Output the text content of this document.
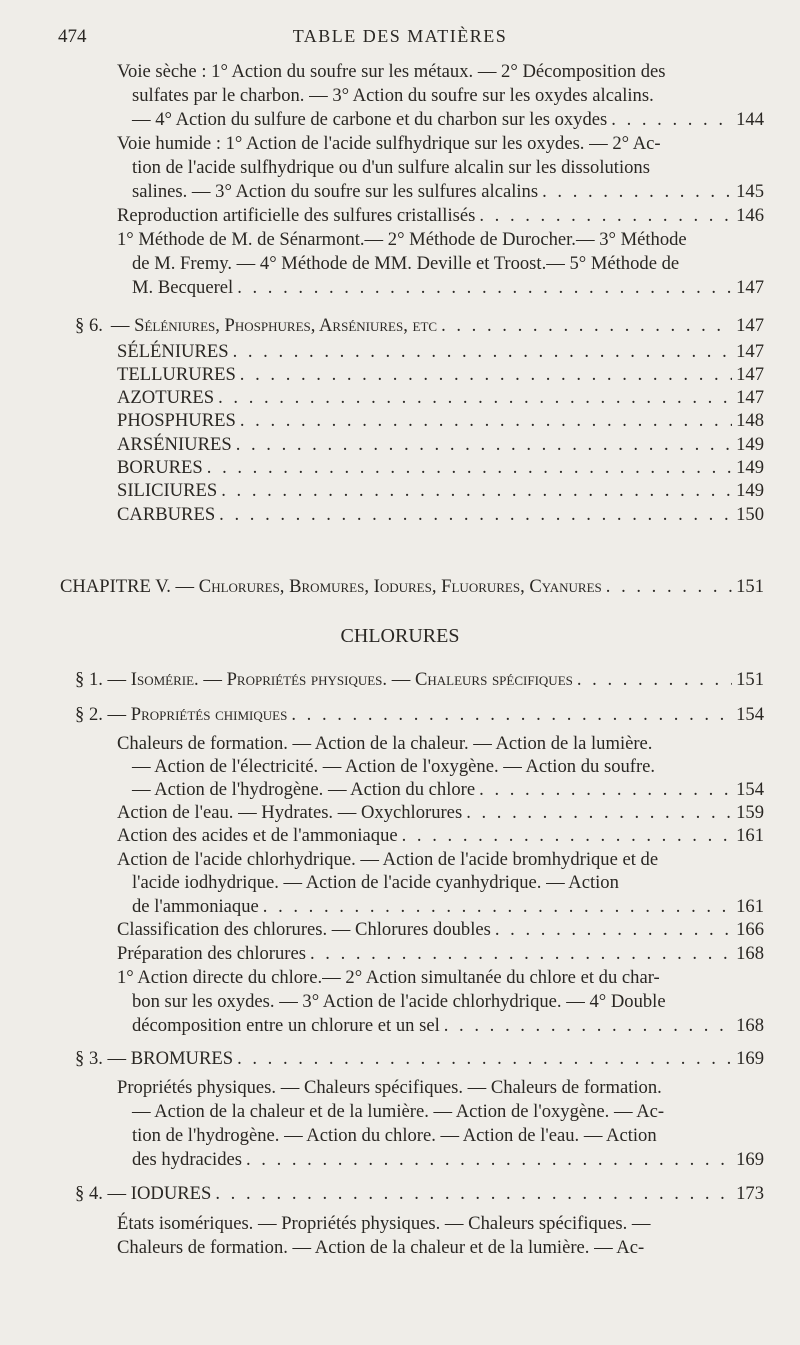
474	TABLE DES MATIÈRES
Voie sèche : 1° Action du soufre sur les métaux. — 2° Décomposition des
sulfates par le charbon. — 3° Action du soufre sur les oxydes alcalins.
— 4° Action du sulfure de carbone et du charbon sur les oxydes . . .	144
Voie humide : 1° Action de l'acide sulfhydrique sur les oxydes. — 2° Ac-
tion de l'acide sulfhydrique ou d'un sulfure alcalin sur les dissolutions
salines. — 3° Action du soufre sur les sulfures alcalins . . .	145
Reproduction artificielle des sulfures cristallisés . . .	146
1° Méthode de M. de Sénarmont.— 2° Méthode de Durocher.— 3° Méthode
de M. Fremy. — 4° Méthode de MM. Deville et Troost.— 5° Méthode de
M. Becquerel . . .	147
§ 6. — Séléniures, Phosphures, Arséniures, etc . . .	147
SÉLÉNIURES . . .	147
TELLURURES . . .	147
AZOTURES . . .	147
PHOSPHURES . . .	148
ARSÉNIURES . . .	149
BORURES . . .	149
SILICIURES . . .	149
CARBURES . . .	150
CHAPITRE V. — Chlorures, Bromures, Iodures, Fluorures, Cyanures . . .	151
CHLORURES
§ 1. — Isomérie. — Propriétés physiques. — Chaleurs spécifiques . . .	151
§ 2. — Propriétés chimiques . . .	154
Chaleurs de formation. — Action de la chaleur. — Action de la lumière.
— Action de l'électricité. — Action de l'oxygène. — Action du soufre.
— Action de l'hydrogène. — Action du chlore . . .	154
Action de l'eau. — Hydrates. — Oxychlorures . . .	159
Action des acides et de l'ammoniaque . . .	161
Action de l'acide chlorhydrique. — Action de l'acide bromhydrique et de
l'acide iodhydrique. — Action de l'acide cyanhydrique. — Action
de l'ammoniaque . . .	161
Classification des chlorures. — Chlorures doubles . . .	166
Préparation des chlorures . . .	168
1° Action directe du chlore.— 2° Action simultanée du chlore et du char-
bon sur les oxydes. — 3° Action de l'acide chlorhydrique. — 4° Double
décomposition entre un chlorure et un sel . . .	168
§ 3. — BROMURES . . .	169
Propriétés physiques. — Chaleurs spécifiques. — Chaleurs de formation.
— Action de la chaleur et de la lumière. — Action de l'oxygène. — Ac-
tion de l'hydrogène. — Action du chlore. — Action de l'eau. — Action
des hydracides . . .	169
§ 4. — IODURES . . .	173
États isomériques. — Propriétés physiques. — Chaleurs spécifiques. —
Chaleurs de formation. — Action de la chaleur et de la lumière. — Ac-
